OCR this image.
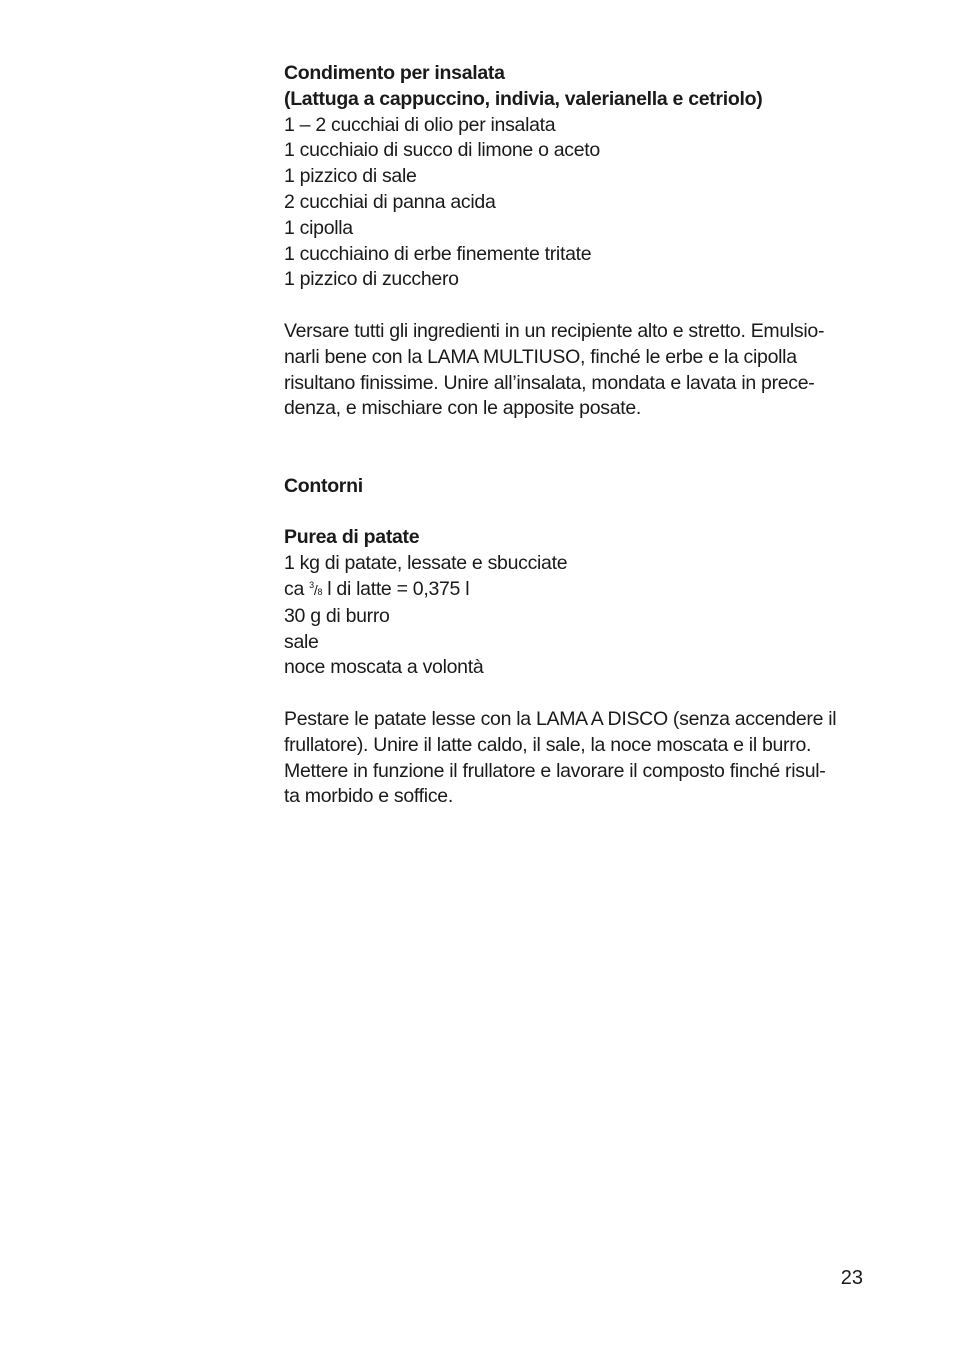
Condimento per insalata
(Lattuga a cappuccino, indivia, valerianella e cetriolo)
1 – 2 cucchiai di olio per insalata
1 cucchiaio di succo di limone o aceto
1 pizzico di sale
2 cucchiai di panna acida
1 cipolla
1 cucchiaino di erbe finemente tritate
1 pizzico di zucchero
Versare tutti gli ingredienti in un recipiente alto e stretto. Emulsio-
narli bene con la LAMA MULTIUSO, finché le erbe e la cipolla
risultano finissime. Unire all’insalata, mondata e lavata in prece-
denza, e mischiare con le apposite posate.
Contorni
Purea di patate
1 kg di patate, lessate e sbucciate
ca $^3$/8 l di latte = 0,375 l
30 g di burro
sale
noce moscata a volontà
Pestare le patate lesse con la LAMA A DISCO (senza accendere il
frullatore). Unire il latte caldo, il sale, la noce moscata e il burro.
Mettere in funzione il frullatore e lavorare il composto finché risul-
ta morbido e soffice.
23
